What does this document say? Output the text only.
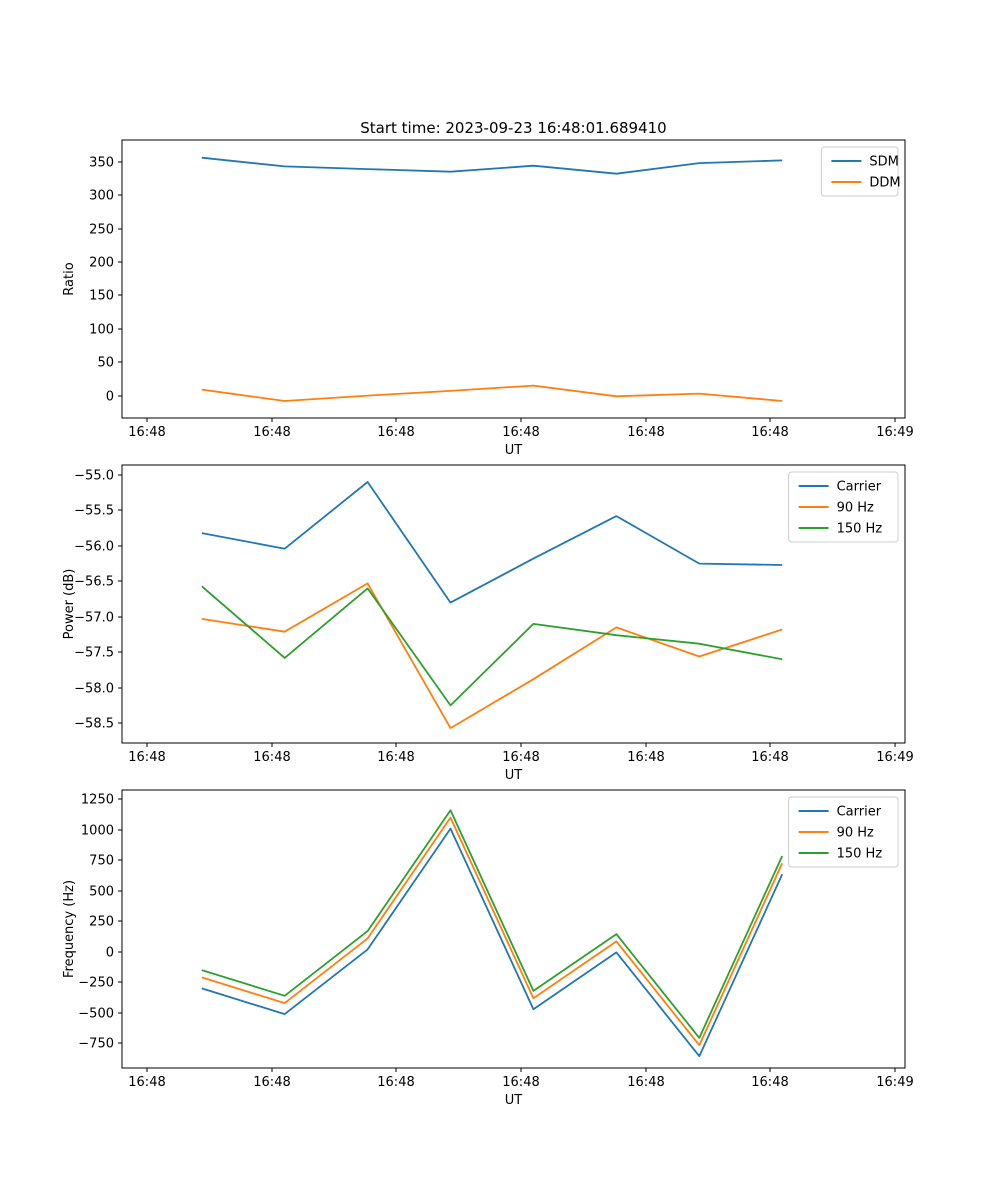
Start time: 2023-09-23 16:48:01.689410
16:48	16:48	16:48	16:48	16:48	16:48	16:49
0
50
100
150
200
250
300
350
UT
Ratio
SDM
DDM
16:48	16:48	16:48	16:48	16:48	16:48	16:49
−58.5
−58.0
−57.5
−57.0
−56.5
−56.0
−55.5
−55.0
UT
Power (dB)
Carrier
90 Hz
150 Hz
16:48	16:48	16:48	16:48	16:48	16:48	16:49
−750
−500
−250
0
250
500
750
1000
1250
UT
Frequency (Hz)
Carrier
90 Hz
150 Hz
